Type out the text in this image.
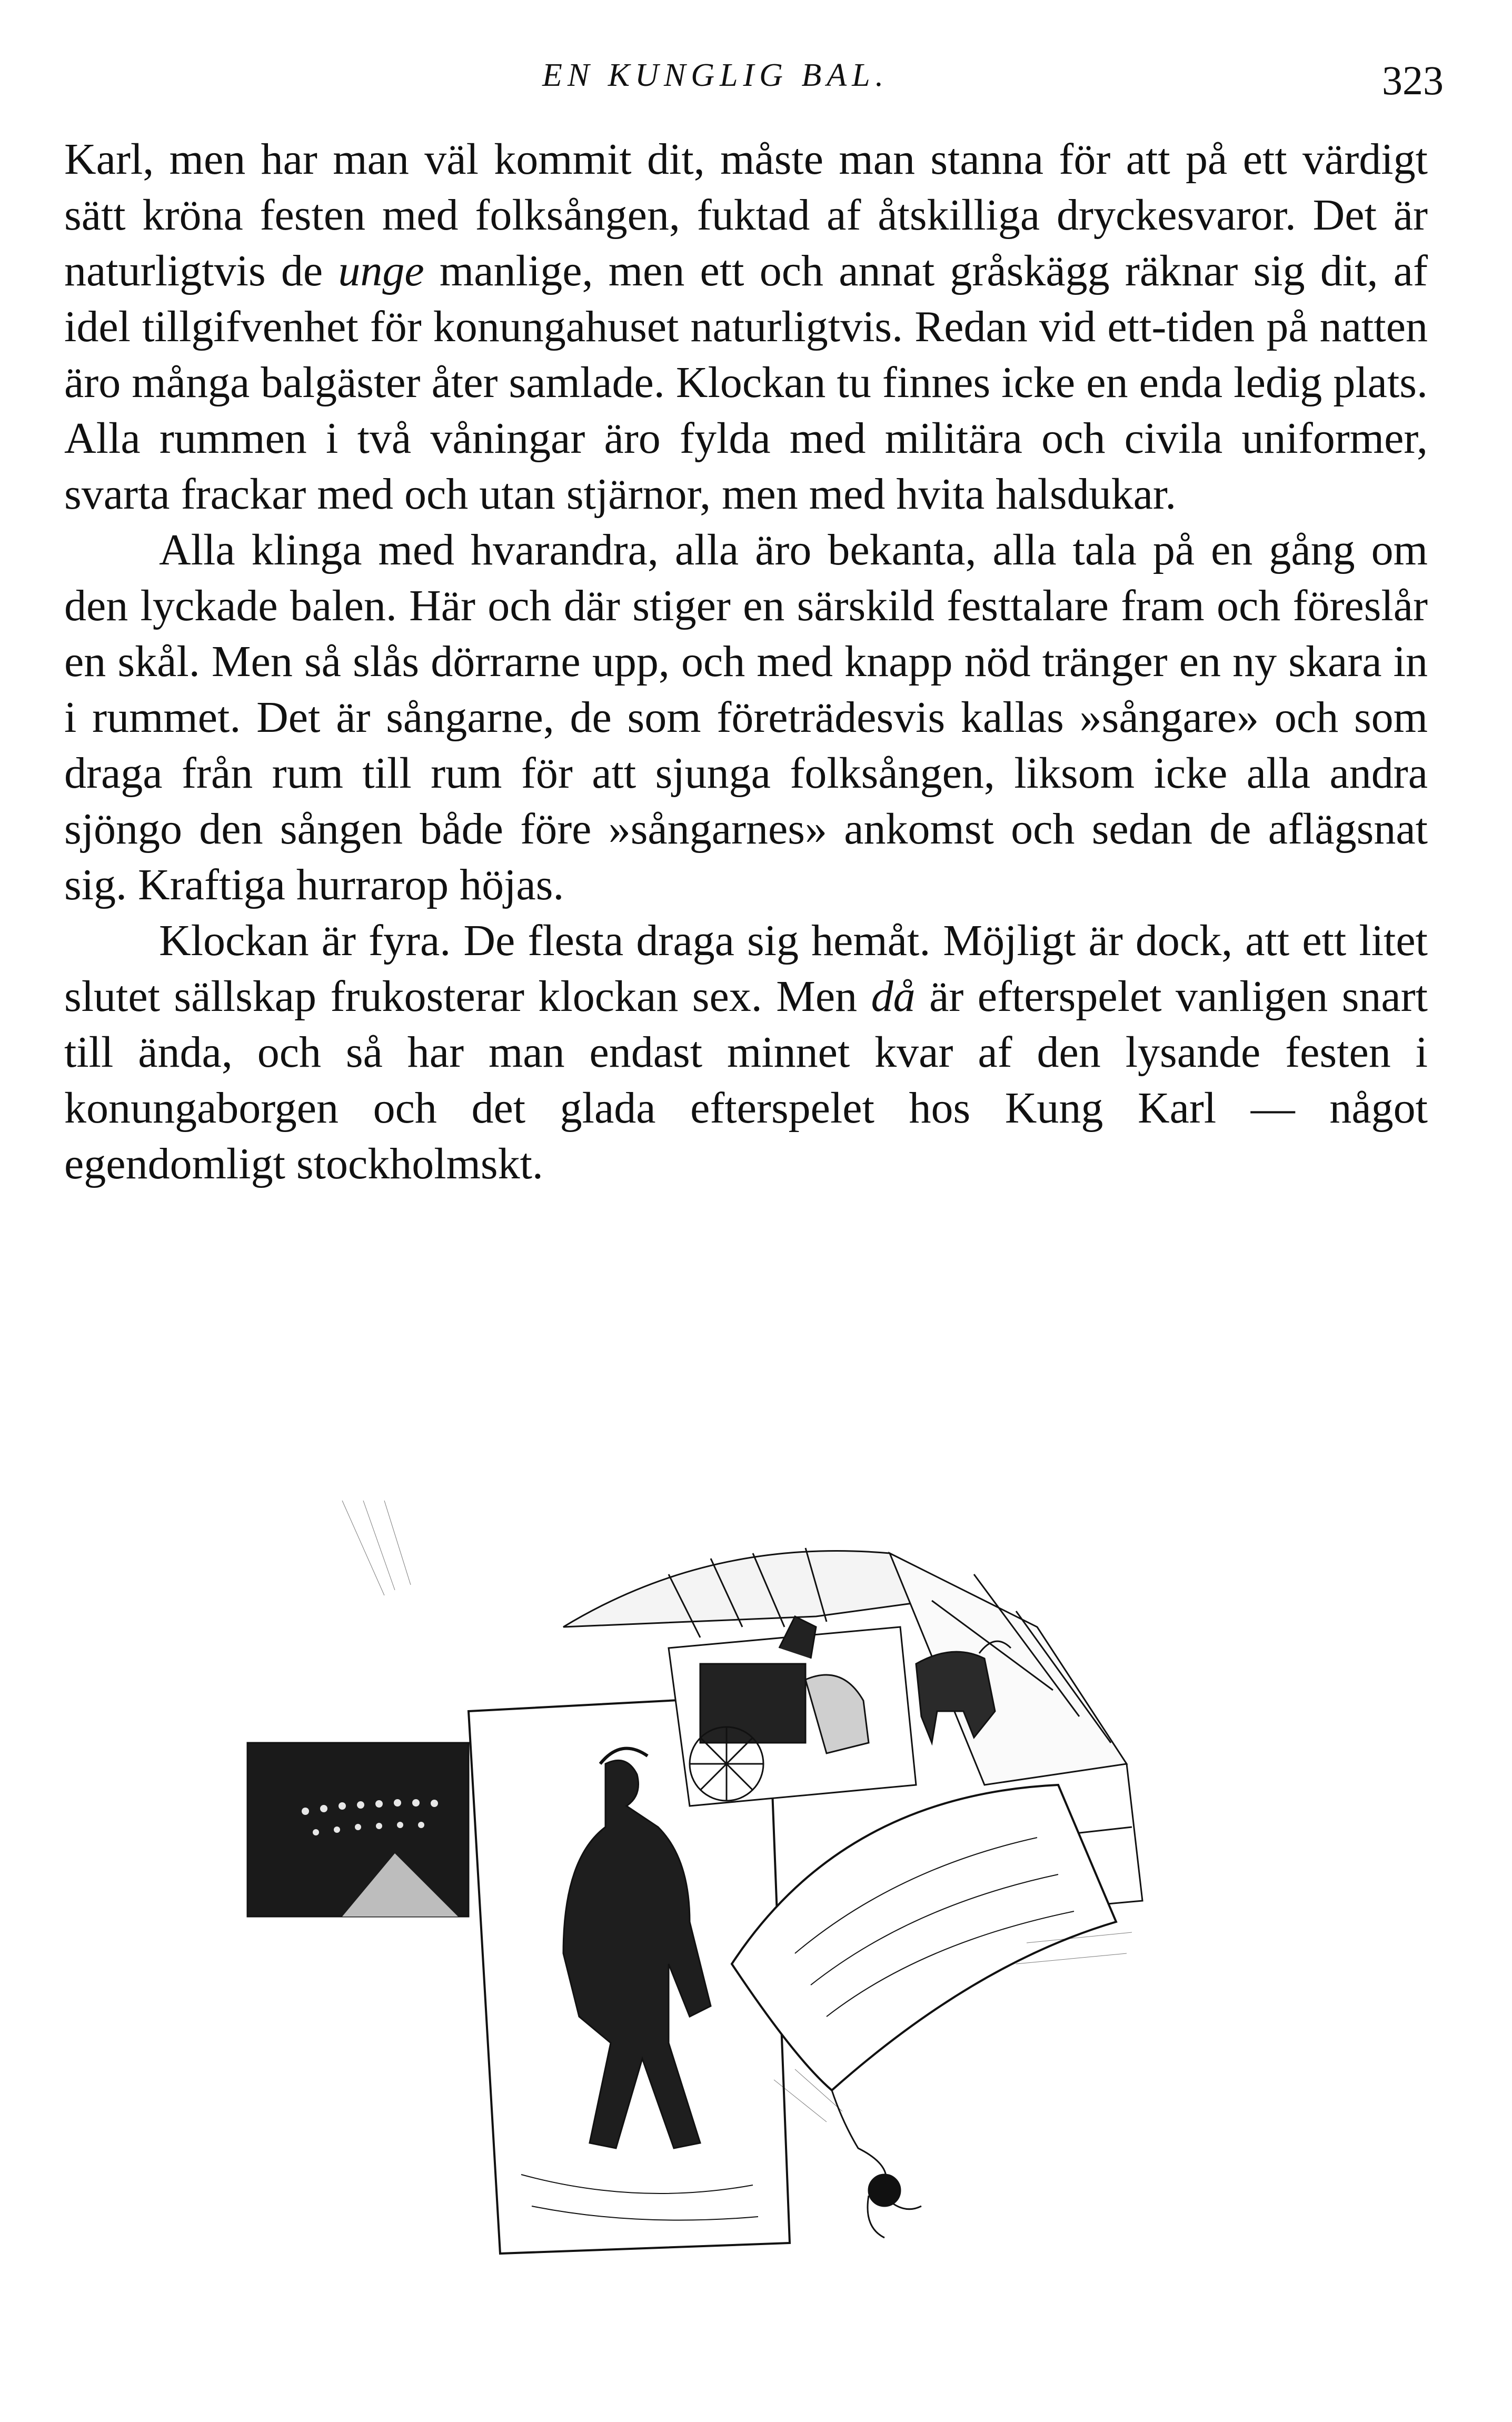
EN KUNGLIG BAL.	323

Karl, men har man väl kommit dit, måste man stanna för att på ett värdigt sätt kröna festen med folksången, fuktad af åtskilliga dryckesvaror. Det är naturligtvis de unge manlige, men ett och annat gråskägg räknar sig dit, af idel tillgifvenhet för konungahuset naturligtvis. Redan vid ett-tiden på natten äro många balgäster åter samlade. Klockan tu finnes icke en enda ledig plats. Alla rummen i två våningar äro fylda med militära och civila uniformer, svarta frackar med och utan stjärnor, men med hvita halsdukar.

Alla klinga med hvarandra, alla äro bekanta, alla tala på en gång om den lyckade balen. Här och där stiger en särskild festtalare fram och föreslår en skål. Men så slås dörrarne upp, och med knapp nöd tränger en ny skara in i rummet. Det är sångarne, de som företrädesvis kallas »sångare» och som draga från rum till rum för att sjunga folksången, liksom icke alla andra sjöngo den sången både före »sångarnes» ankomst och sedan de aflägsnat sig. Kraftiga hurrarop höjas.

Klockan är fyra. De flesta draga sig hemåt. Möjligt är dock, att ett litet slutet sällskap frukosterar klockan sex. Men då är efterspelet vanligen snart till ända, och så har man endast minnet kvar af den lysande festen i konungaborgen och det glada efterspelet hos Kung Karl — något egendomligt stockholmskt.
